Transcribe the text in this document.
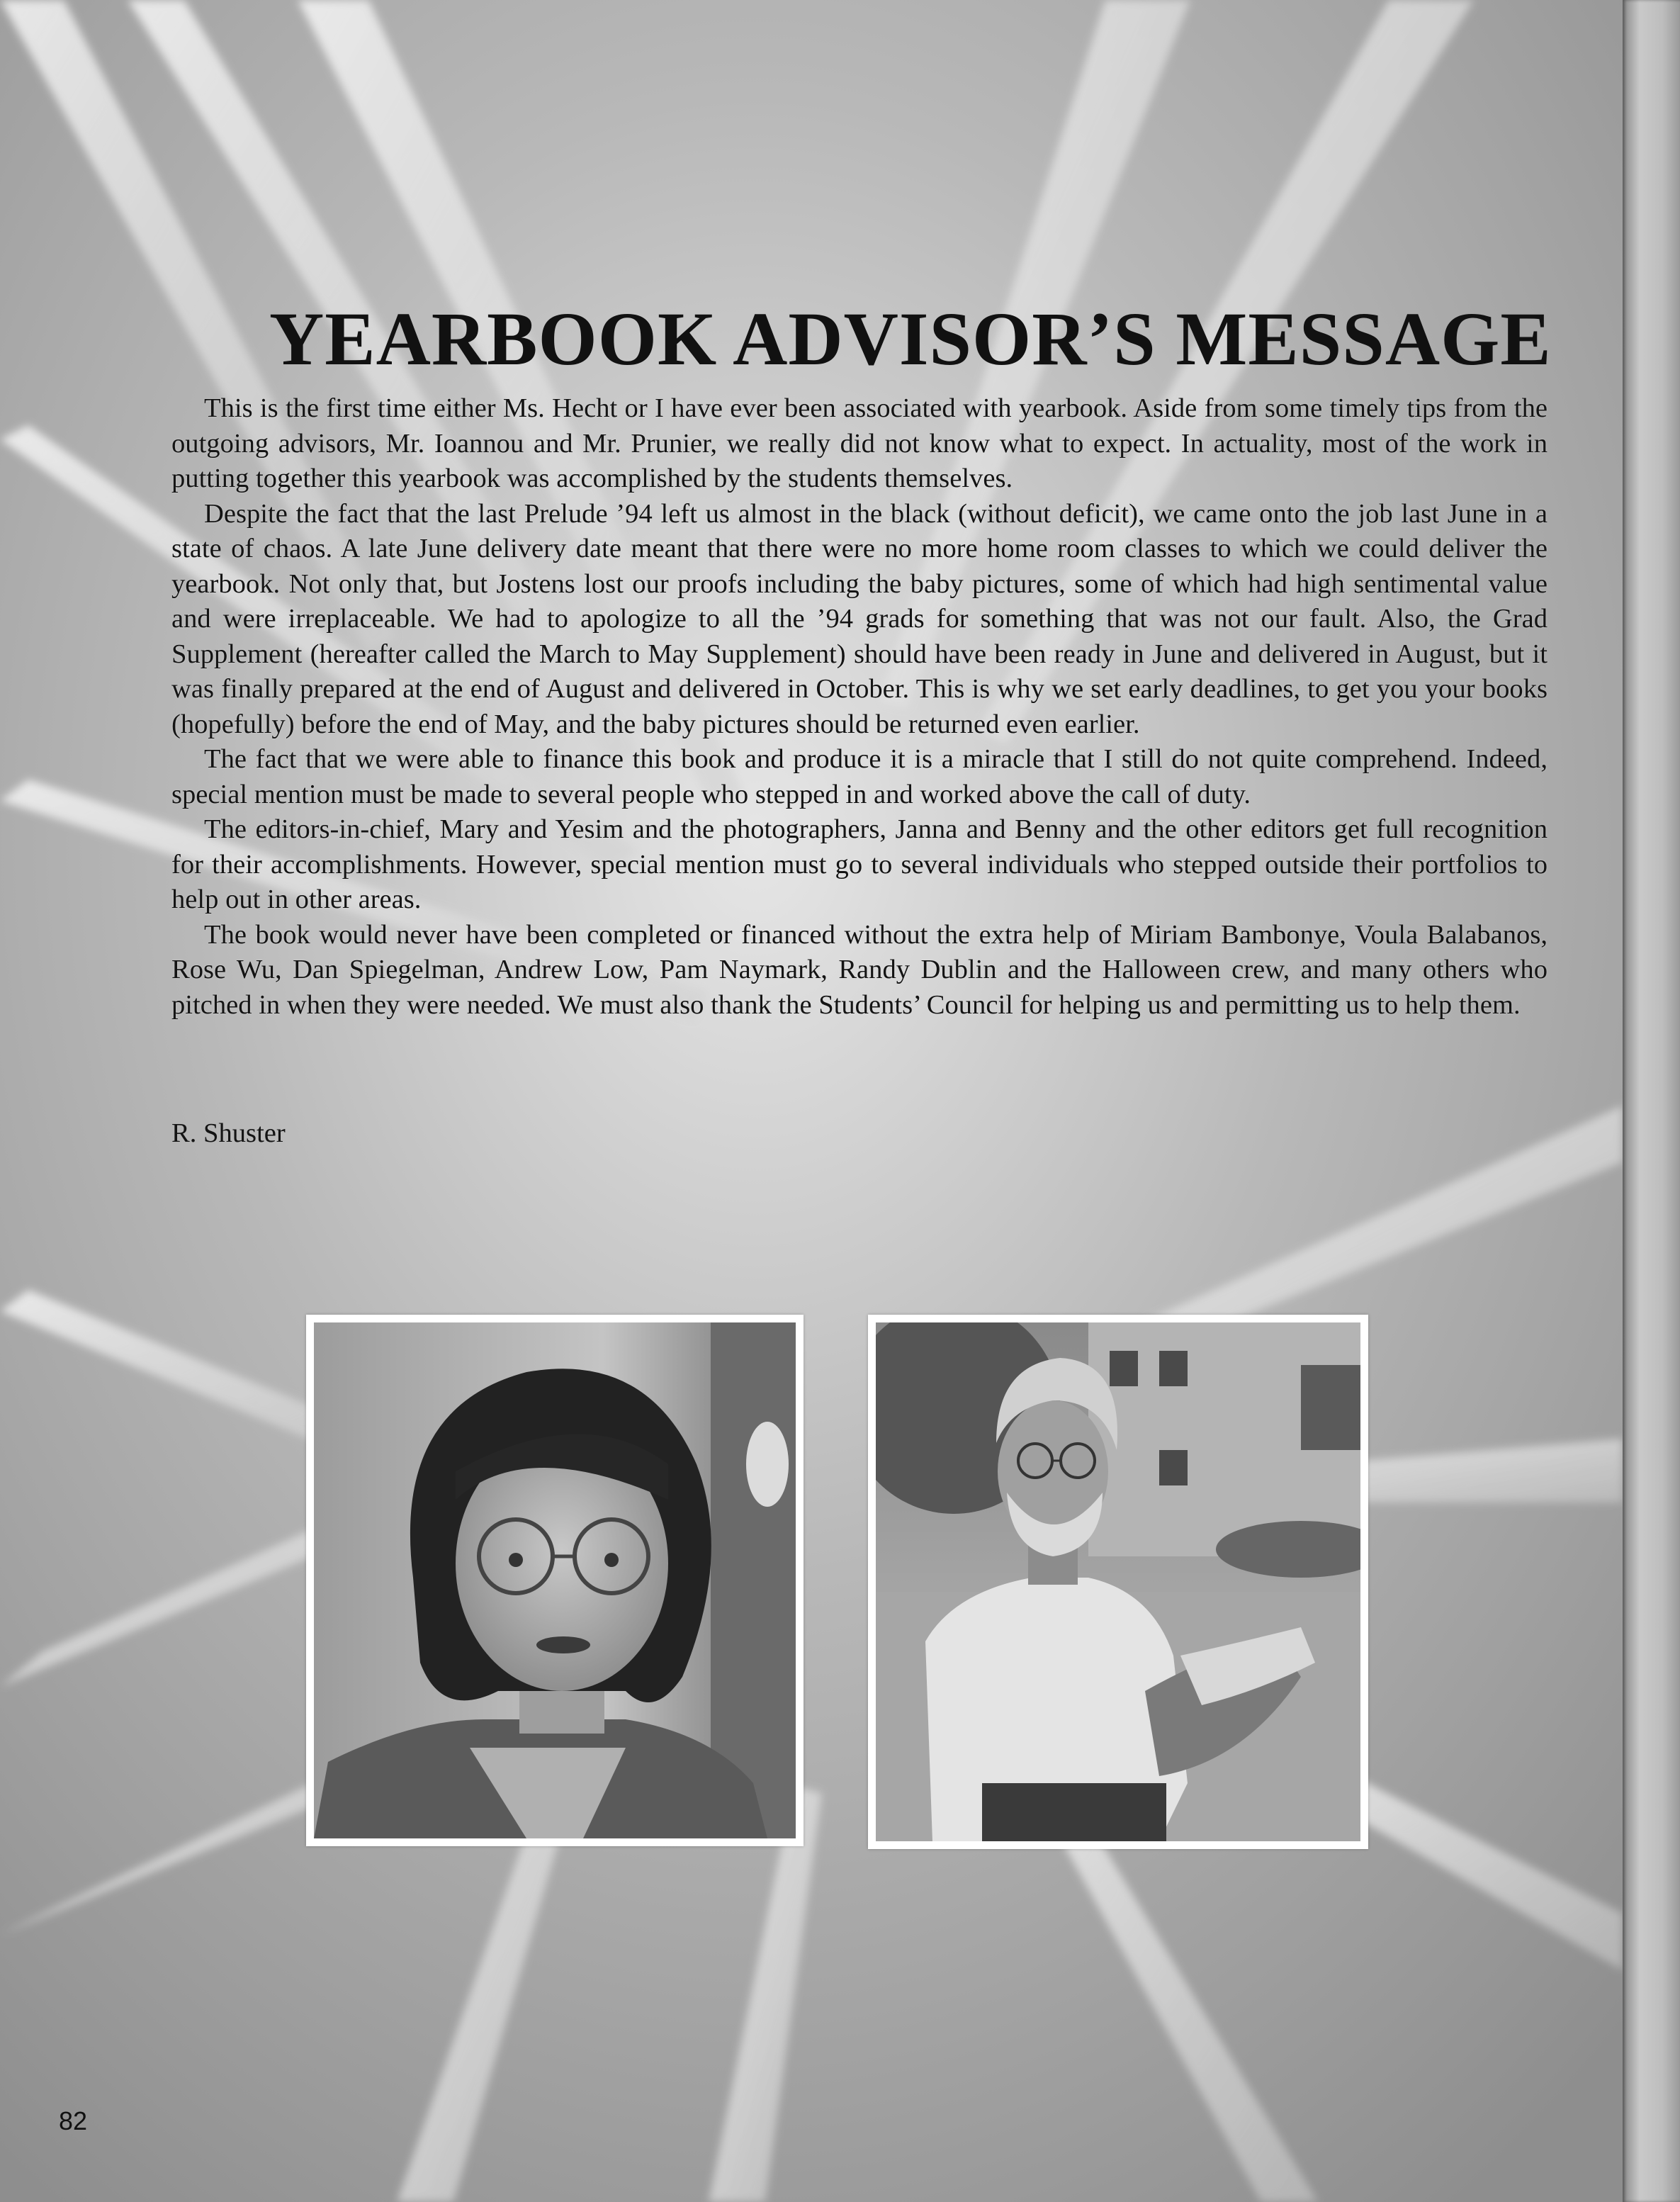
YEARBOOK ADVISOR’S MESSAGE

This is the first time either Ms. Hecht or I have ever been associated with yearbook. Aside from some timely tips from the outgoing advisors, Mr. Ioannou and Mr. Prunier, we really did not know what to expect. In actuality, most of the work in putting together this yearbook was accomplished by the students themselves.

Despite the fact that the last Prelude ’94 left us almost in the black (without deficit), we came onto the job last June in a state of chaos. A late June delivery date meant that there were no more home room classes to which we could deliver the yearbook. Not only that, but Jostens lost our proofs including the baby pictures, some of which had high sentimental value and were irreplaceable. We had to apologize to all the ’94 grads for something that was not our fault. Also, the Grad Supplement (hereafter called the March to May Supplement) should have been ready in June and delivered in August, but it was finally prepared at the end of August and delivered in October. This is why we set early deadlines, to get you your books (hopefully) before the end of May, and the baby pictures should be returned even earlier.

The fact that we were able to finance this book and produce it is a miracle that I still do not quite comprehend. Indeed, special mention must be made to several people who stepped in and worked above the call of duty.

The editors-in-chief, Mary and Yesim and the photographers, Janna and Benny and the other editors get full recognition for their accomplishments. However, special mention must go to several individuals who stepped outside their portfolios to help out in other areas.

The book would never have been completed or financed without the extra help of Miriam Bambonye, Voula Balabanos, Rose Wu, Dan Spiegelman, Andrew Low, Pam Naymark, Randy Dublin and the Halloween crew, and many others who pitched in when they were needed. We must also thank the Students’ Council for helping us and permitting us to help them.

R. Shuster
82
